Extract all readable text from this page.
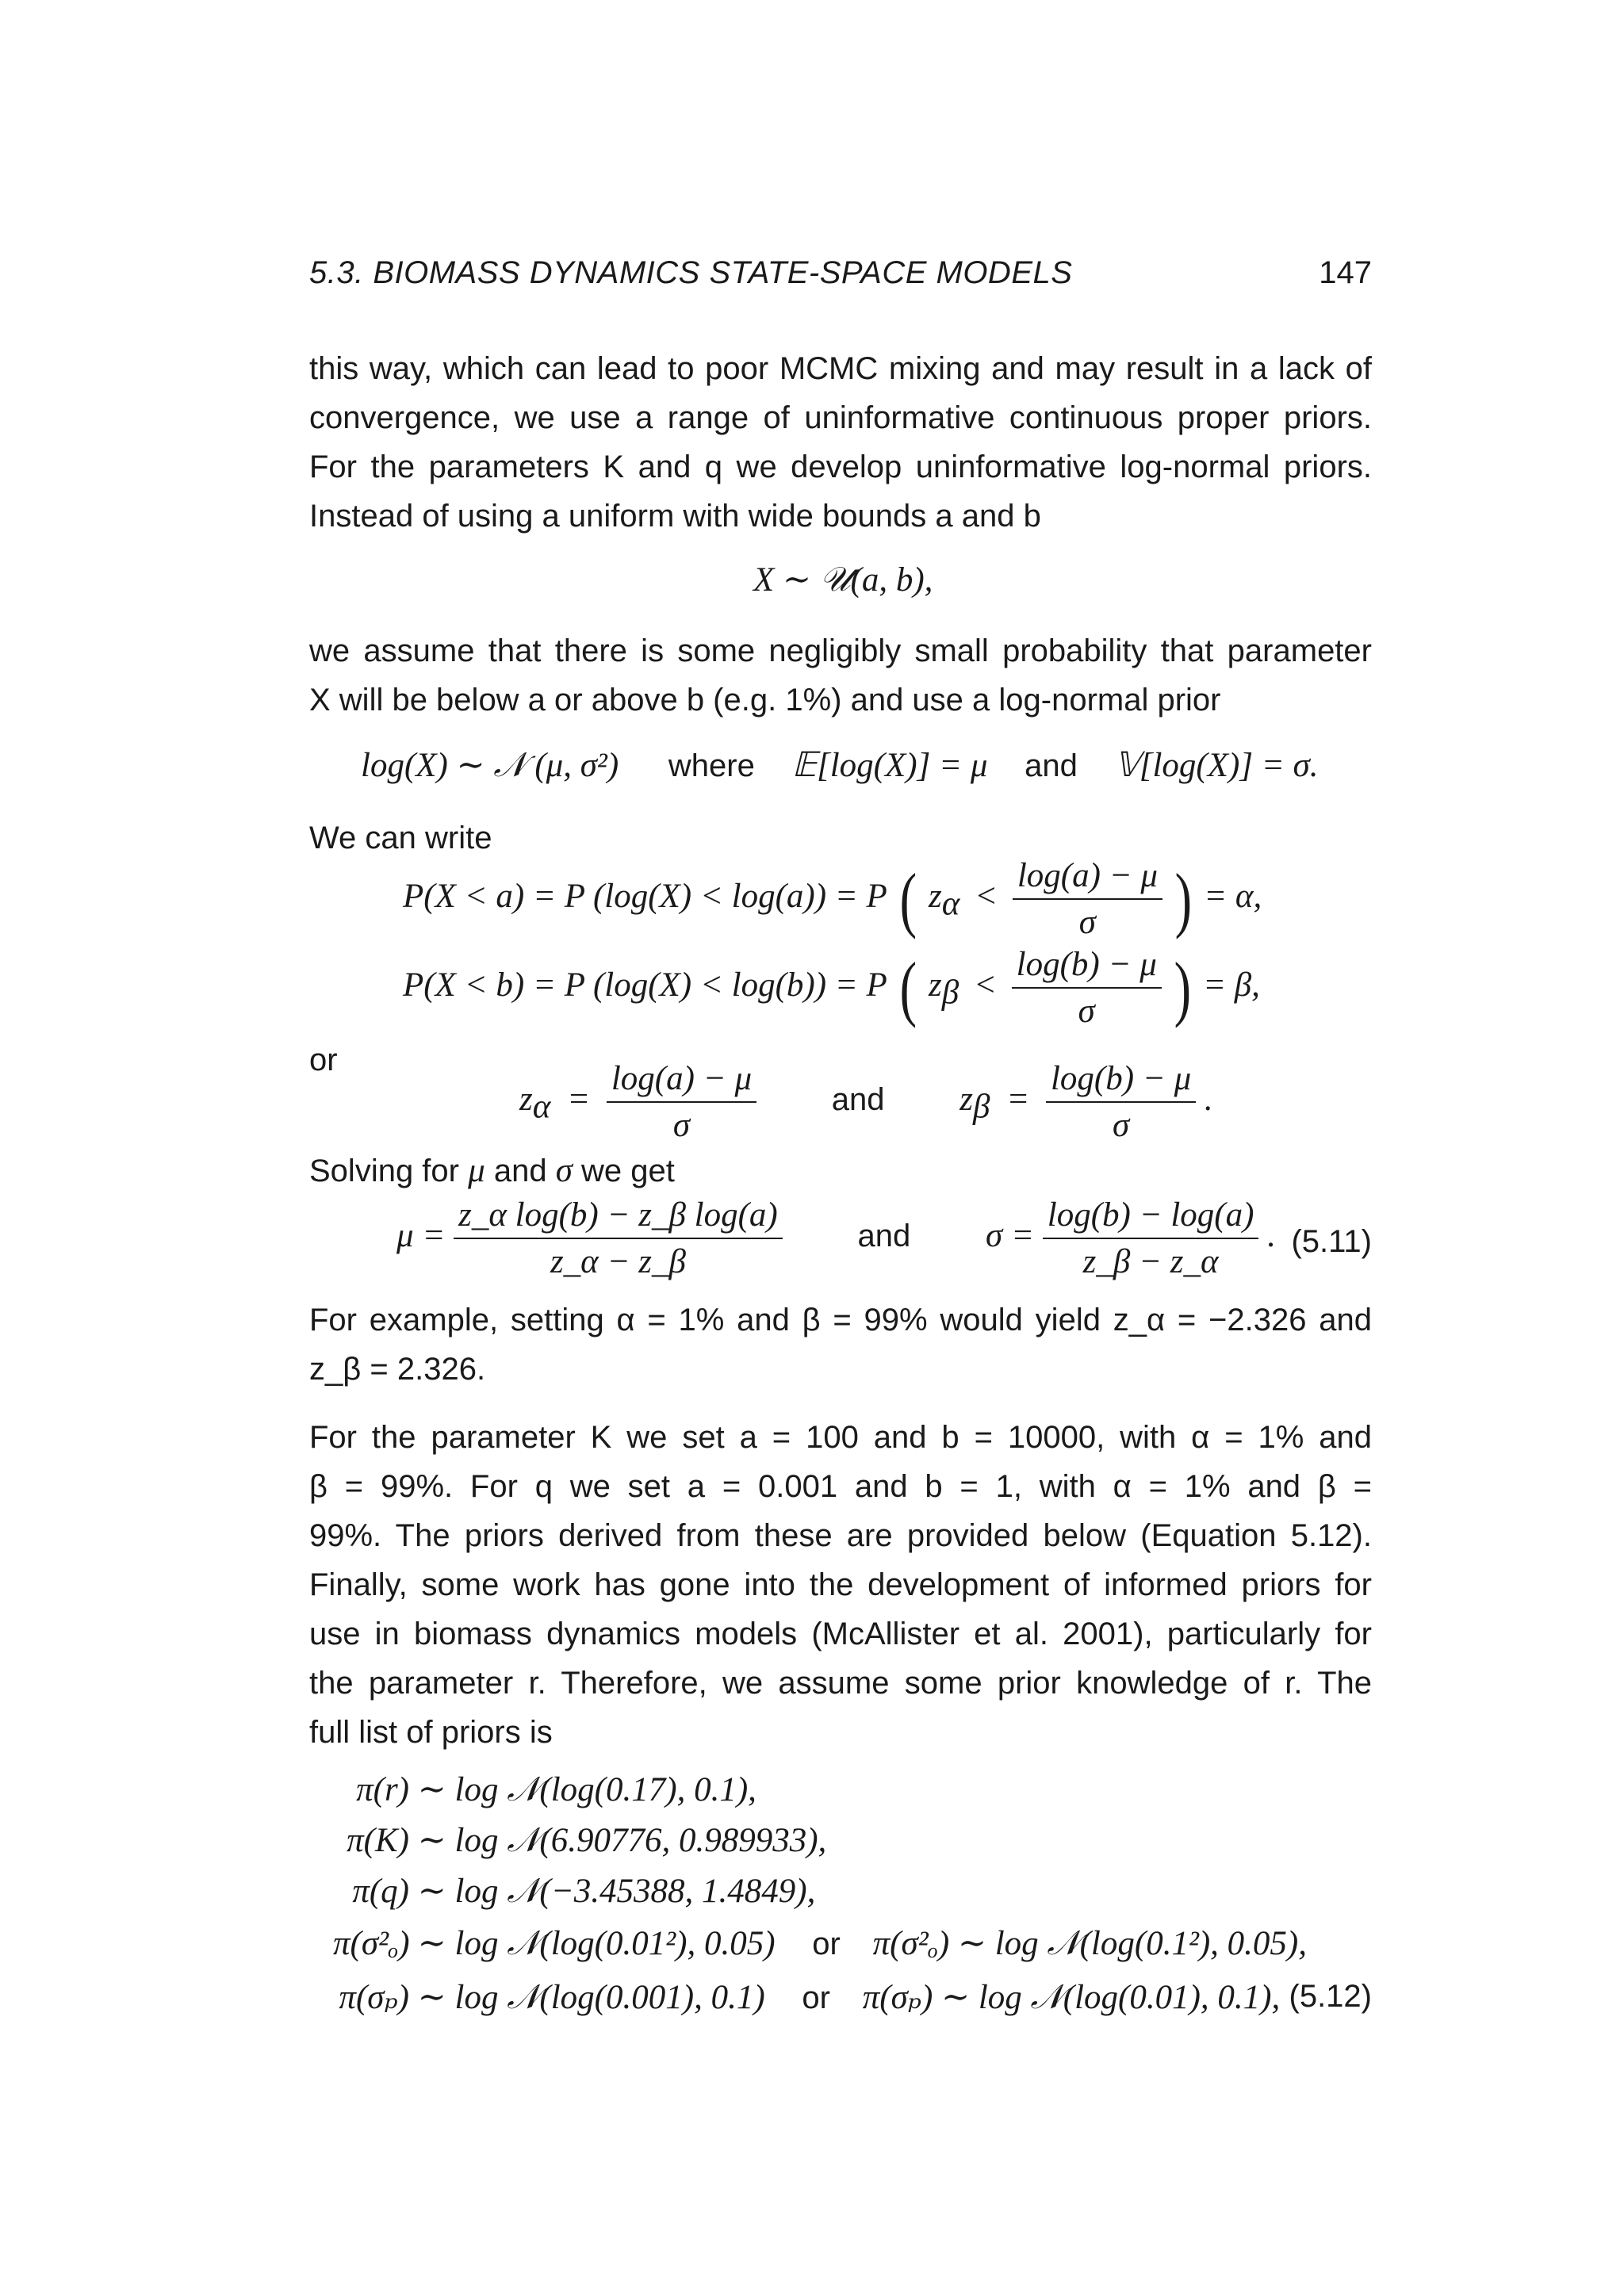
5.3. BIOMASS DYNAMICS STATE-SPACE MODELS	147
this way, which can lead to poor MCMC mixing and may result in a lack of
convergence, we use a range of uninformative continuous proper priors.
For the parameters K and q we develop uninformative log-normal priors.
Instead of using a uniform with wide bounds a and b
X ∼ 𝒰(a, b),
we assume that there is some negligibly small probability that parameter
X will be below a or above b (e.g. 1%) and use a log-normal prior
log(X) ∼ 𝒩 (μ, σ²) where 𝔼[log(X)] = μ and 𝕍[log(X)] = σ.
We can write
P(X < a) = P (log(X) < log(a)) = P ( $z_\alpha < \frac{\log(a) - \mu}{\sigma}$ ) = α,
P(X < b) = P (log(X) < log(b)) = P ( $z_\beta < \frac{\log(b) - \mu}{\sigma}$ ) = β,
or
$z_\alpha = \frac{\log(a) - \mu}{\sigma}$ and $z_\beta = \frac{\log(b) - \mu}{\sigma}$ .
Solving for μ and σ we get
$\mu = \frac{\text{z\_α log(b) − z\_β log(a)}}{z\_\alpha - z\_\beta}$ and $\sigma = \frac{\log(b) - \log(a)}{z\_\beta - z\_\alpha}$ . (5.11)
For example, setting α = 1% and β = 99% would yield z_α = −2.326 and
z_β = 2.326.
For the parameter K we set a = 100 and b = 10000, with α = 1% and
β = 99%. For q we set a = 0.001 and b = 1, with α = 1% and β =
99%. The priors derived from these are provided below (Equation 5.12).
Finally, some work has gone into the development of informed priors for
use in biomass dynamics models (McAllister et al. 2001), particularly for
the parameter r. Therefore, we assume some prior knowledge of r. The
full list of priors is
π(r) ∼ log 𝒩(log(0.17), 0.1),
π(K) ∼ log 𝒩(6.90776, 0.989933),
π(q) ∼ log 𝒩(−3.45388, 1.4849),
π(σ²ₒ) ∼ log 𝒩(log(0.01²), 0.05) or π(σ²ₒ) ∼ log 𝒩(log(0.1²), 0.05),
π(σₚ) ∼ log 𝒩(log(0.001), 0.1) or π(σₚ) ∼ log 𝒩(log(0.01), 0.1), (5.12)
